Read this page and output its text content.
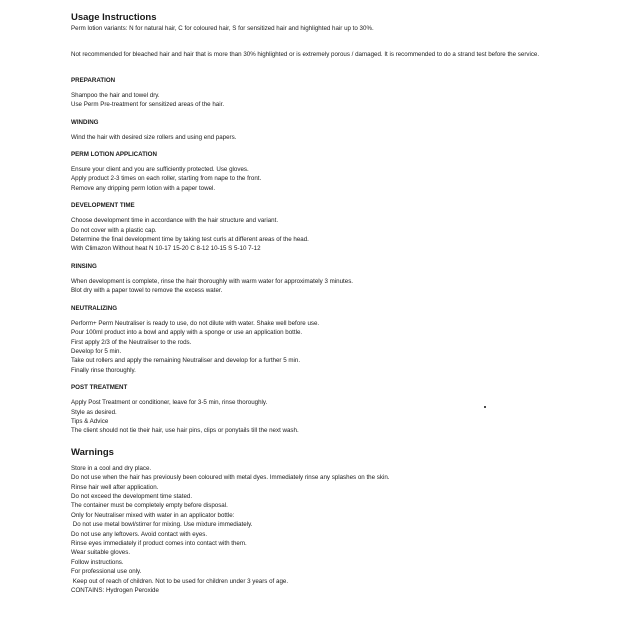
Usage Instructions

Perm lotion variants: N for natural hair, C for coloured hair, S for sensitized hair and highlighted hair up to 30%.

Not recommended for bleached hair and hair that is more than 30% highlighted or is extremely porous / damaged. It is recommended to do a strand test before the service.

PREPARATION

Shampoo the hair and towel dry.

Use Perm Pre-treatment for sensitized areas of the hair.

WINDING

Wind the hair with desired size rollers and using end papers.

PERM LOTION APPLICATION

Ensure your client and you are sufficiently protected. Use gloves.

Apply product 2-3 times on each roller, starting from nape to the front.

Remove any dripping perm lotion with a paper towel.

DEVELOPMENT TIME

Choose development time in accordance with the hair structure and variant.

Do not cover with a plastic cap.

Determine the final development time by taking test curls at different areas of the head.

With Climazon Without heat N 10-17 15-20 C 8-12 10-15 S 5-10 7-12

RINSING

When development is complete, rinse the hair thoroughly with warm water for approximately 3 minutes.

Blot dry with a paper towel to remove the excess water.

NEUTRALIZING

Perform+ Perm Neutraliser is ready to use, do not dilute with water. Shake well before use.

Pour 100ml product into a bowl and apply with a sponge or use an application bottle.

First apply 2/3 of the Neutraliser to the rods.

Develop for 5 min.

Take out rollers and apply the remaining Neutraliser and develop for a further 5 min.

Finally rinse thoroughly.

POST TREATMENT

Apply Post Treatment or conditioner, leave for 3-5 min, rinse thoroughly.

Style as desired.

Tips & Advice

The client should not tie their hair, use hair pins, clips or ponytails till the next wash.

Warnings

Store in a cool and dry place.

Do not use when the hair has previously been coloured with metal dyes. Immediately rinse any splashes on the skin.

Rinse hair well after application.

Do not exceed the development time stated.

The container must be completely empty before disposal.

Only for Neutraliser mixed with water in an applicator bottle:

Do not use metal bowl/stirrer for mixing. Use mixture immediately.

Do not use any leftovers. Avoid contact with eyes.

Rinse eyes immediately if product comes into contact with them.

Wear suitable gloves.

Follow instructions.

For professional use only.

Keep out of reach of children. Not to be used for children under 3 years of age.

CONTAINS: Hydrogen Peroxide
